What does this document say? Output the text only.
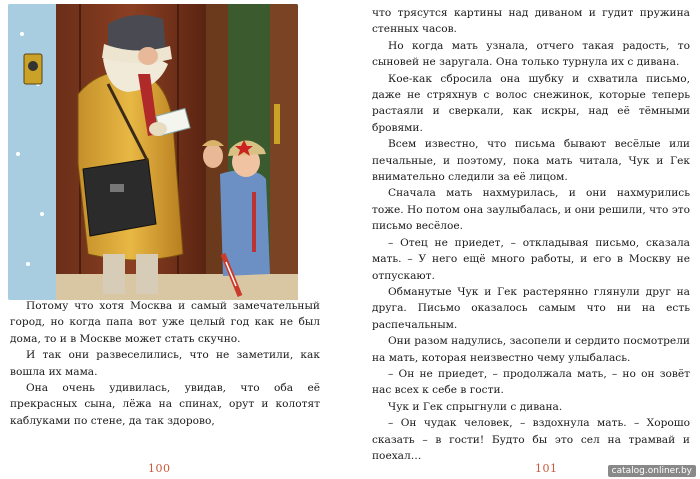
Потому что хотя Москва и самый замечательный город, но когда папа вот уже целый год как не был дома, то и в Москве может стать скучно.

И так они развеселились, что не заметили, как вошла их мама.

Она очень удивилась, увидав, что оба её прекрасных сына, лёжа на спинах, орут и колотят каблуками по стене, да так здорово,

100

что трясутся картины над диваном и гудит пружина стенных часов.

Но когда мать узнала, отчего такая радость, то сыновей не заругала. Она только турнула их с дивана.

Кое-как сбросила она шубку и схватила письмо, даже не стряхнув с волос снежинок, которые теперь растаяли и сверкали, как искры, над её тёмными бровями.

Всем известно, что письма бывают весёлые или печальные, и поэтому, пока мать читала, Чук и Гек внимательно следили за её лицом.

Сначала мать нахмурилась, и они нахмурились тоже. Но потом она заулыбалась, и они решили, что это письмо весёлое.

– Отец не приедет, – откладывая письмо, сказала мать. – У него ещё много работы, и его в Москву не отпускают.

Обманутые Чук и Гек растерянно глянули друг на друга. Письмо оказалось самым что ни на есть распечальным.

Они разом надулись, засопели и сердито посмотрели на мать, которая неизвестно чему улыбалась.

– Он не приедет, – продолжала мать, – но он зовёт нас всех к себе в гости.

Чук и Гек спрыгнули с дивана.

– Он чудак человек, – вздохнула мать. – Хорошо сказать – в гости! Будто бы это сел на трамвай и поехал…

101	catalog.onliner.by
